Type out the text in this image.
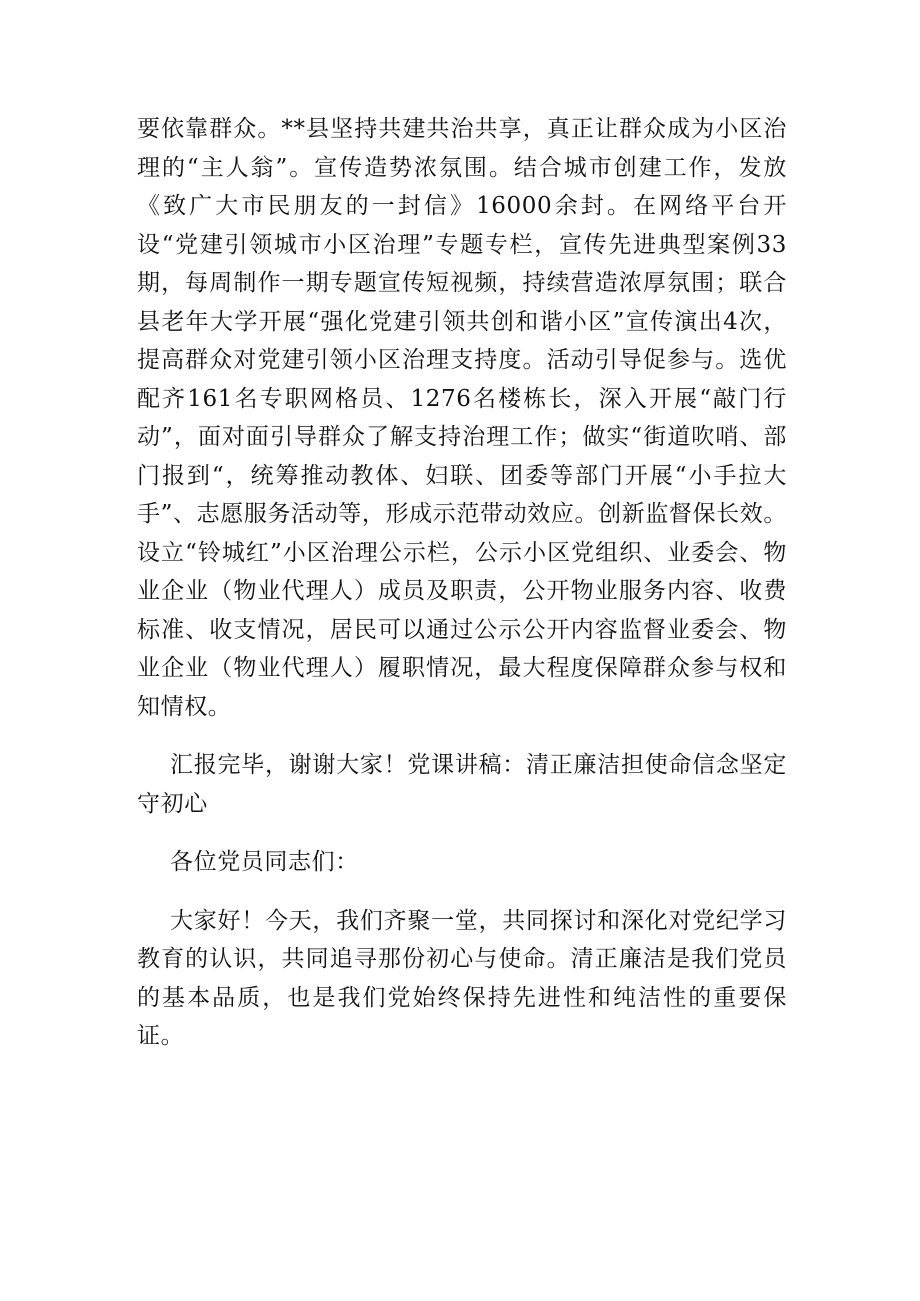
要依靠群众。**县坚持共建共治共享，真正让群众成为小区治理的“主人翁”。宣传造势浓氛围。结合城市创建工作，发放《致广大市民朋友的一封信》16000余封。在网络平台开设“党建引领城市小区治理”专题专栏，宣传先进典型案例33期，每周制作一期专题宣传短视频，持续营造浓厚氛围；联合县老年大学开展“强化党建引领共创和谐小区”宣传演出4次，提高群众对党建引领小区治理支持度。活动引导促参与。选优配齐161名专职网格员、1276名楼栋长，深入开展“敲门行动”，面对面引导群众了解支持治理工作；做实“街道吹哨、部门报到“，统筹推动教体、妇联、团委等部门开展“小手拉大手”、志愿服务活动等，形成示范带动效应。创新监督保长效。设立“铃城红”小区治理公示栏，公示小区党组织、业委会、物业企业（物业代理人）成员及职责，公开物业服务内容、收费标准、收支情况，居民可以通过公示公开内容监督业委会、物业企业（物业代理人）履职情况，最大程度保障群众参与权和知情权。

汇报完毕，谢谢大家！党课讲稿：清正廉洁担使命信念坚定守初心

各位党员同志们：

大家好！今天，我们齐聚一堂，共同探讨和深化对党纪学习教育的认识，共同追寻那份初心与使命。清正廉洁是我们党员的基本品质，也是我们党始终保持先进性和纯洁性的重要保证。
